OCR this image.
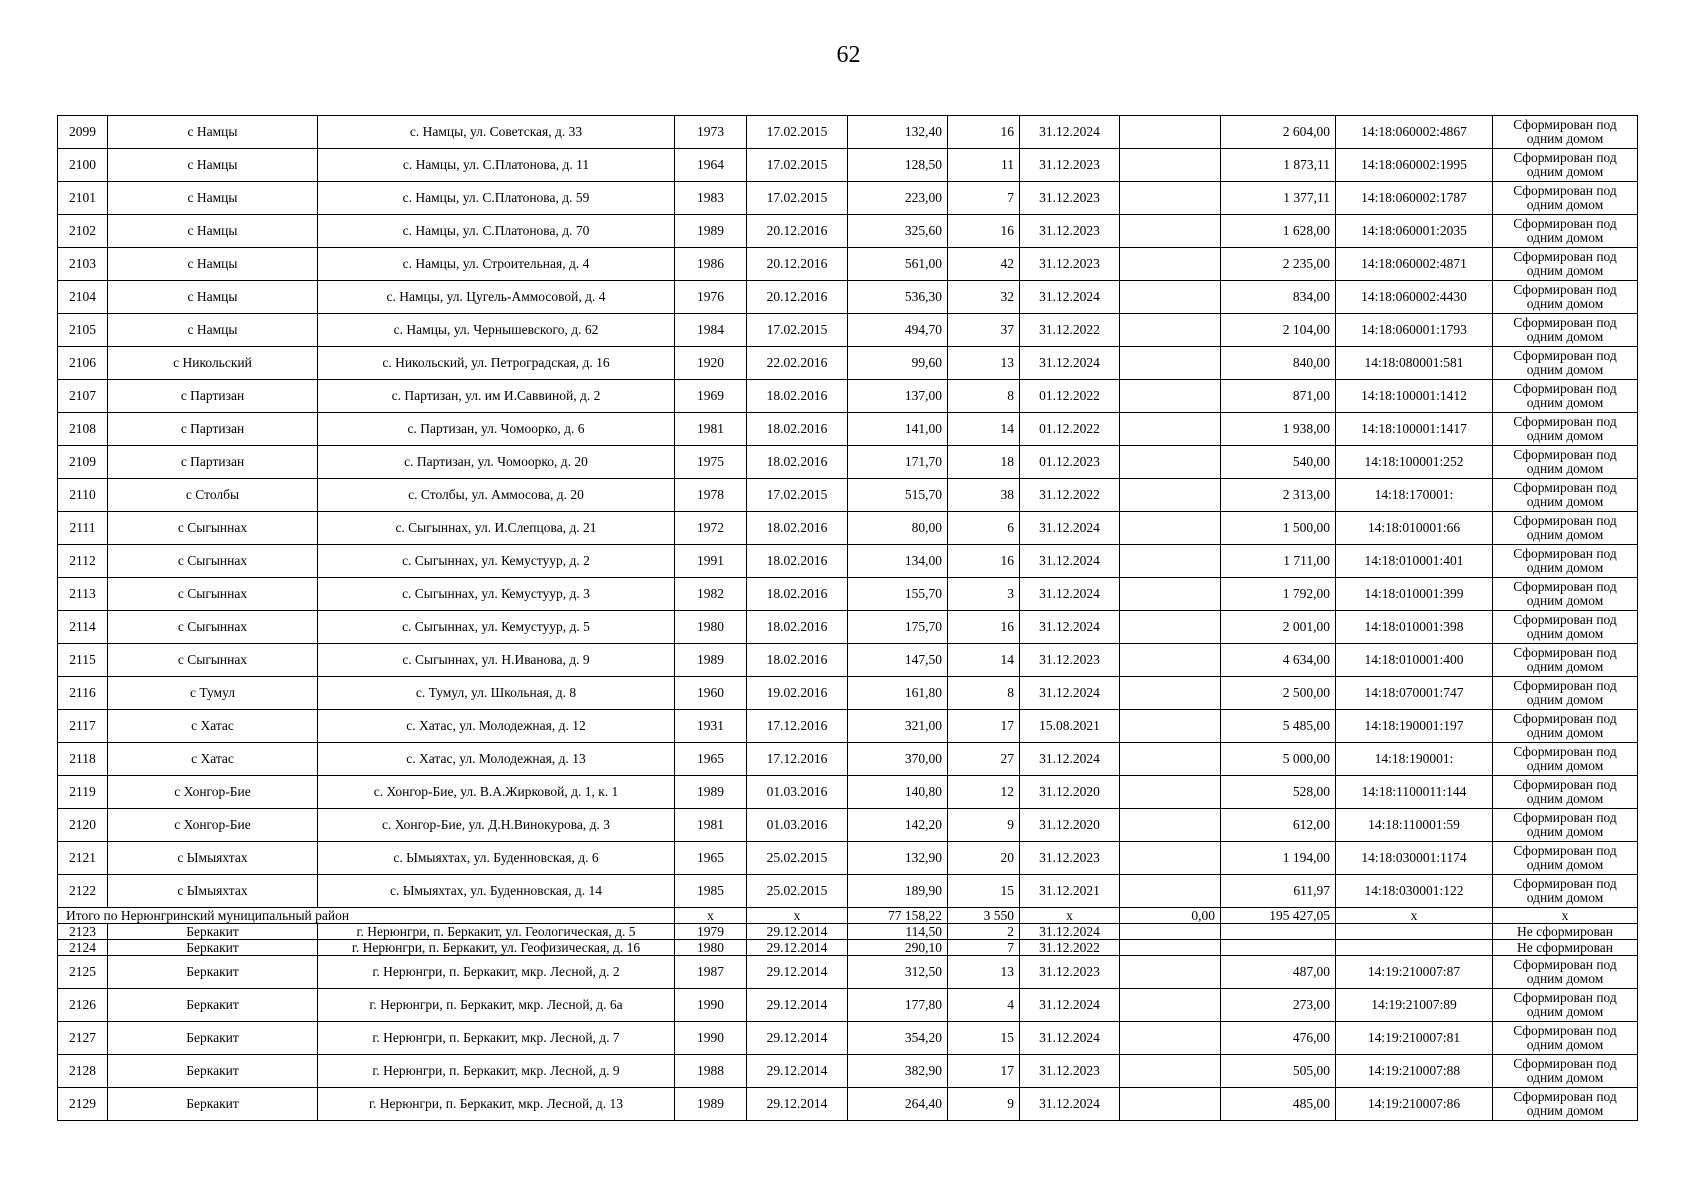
62
2099	с Намцы	с. Намцы, ул. Советская, д. 33	1973	17.02.2015	132,40	16	31.12.2024		2 604,00	14:18:060002:4867	Сформирован под одним домом
2100	с Намцы	с. Намцы, ул. С.Платонова, д. 11	1964	17.02.2015	128,50	11	31.12.2023		1 873,11	14:18:060002:1995	Сформирован под одним домом
2101	с Намцы	с. Намцы, ул. С.Платонова, д. 59	1983	17.02.2015	223,00	7	31.12.2023		1 377,11	14:18:060002:1787	Сформирован под одним домом
2102	с Намцы	с. Намцы, ул. С.Платонова, д. 70	1989	20.12.2016	325,60	16	31.12.2023		1 628,00	14:18:060001:2035	Сформирован под одним домом
2103	с Намцы	с. Намцы, ул. Строительная, д. 4	1986	20.12.2016	561,00	42	31.12.2023		2 235,00	14:18:060002:4871	Сформирован под одним домом
2104	с Намцы	с. Намцы, ул. Цугель-Аммосовой, д. 4	1976	20.12.2016	536,30	32	31.12.2024		834,00	14:18:060002:4430	Сформирован под одним домом
2105	с Намцы	с. Намцы, ул. Чернышевского, д. 62	1984	17.02.2015	494,70	37	31.12.2022		2 104,00	14:18:060001:1793	Сформирован под одним домом
2106	с Никольский	с. Никольский, ул. Петроградская, д. 16	1920	22.02.2016	99,60	13	31.12.2024		840,00	14:18:080001:581	Сформирован под одним домом
2107	с Партизан	с. Партизан, ул. им И.Саввиной, д. 2	1969	18.02.2016	137,00	8	01.12.2022		871,00	14:18:100001:1412	Сформирован под одним домом
2108	с Партизан	с. Партизан, ул. Чомоорко, д. 6	1981	18.02.2016	141,00	14	01.12.2022		1 938,00	14:18:100001:1417	Сформирован под одним домом
2109	с Партизан	с. Партизан, ул. Чомоорко, д. 20	1975	18.02.2016	171,70	18	01.12.2023		540,00	14:18:100001:252	Сформирован под одним домом
2110	с Столбы	с. Столбы, ул. Аммосова, д. 20	1978	17.02.2015	515,70	38	31.12.2022		2 313,00	14:18:170001:	Сформирован под одним домом
2111	с Сыгыннах	с. Сыгыннах, ул. И.Слепцова, д. 21	1972	18.02.2016	80,00	6	31.12.2024		1 500,00	14:18:010001:66	Сформирован под одним домом
2112	с Сыгыннах	с. Сыгыннах, ул. Кемустуур, д. 2	1991	18.02.2016	134,00	16	31.12.2024		1 711,00	14:18:010001:401	Сформирован под одним домом
2113	с Сыгыннах	с. Сыгыннах, ул. Кемустуур, д. 3	1982	18.02.2016	155,70	3	31.12.2024		1 792,00	14:18:010001:399	Сформирован под одним домом
2114	с Сыгыннах	с. Сыгыннах, ул. Кемустуур, д. 5	1980	18.02.2016	175,70	16	31.12.2024		2 001,00	14:18:010001:398	Сформирован под одним домом
2115	с Сыгыннах	с. Сыгыннах, ул. Н.Иванова, д. 9	1989	18.02.2016	147,50	14	31.12.2023		4 634,00	14:18:010001:400	Сформирован под одним домом
2116	с Тумул	с. Тумул, ул. Школьная, д. 8	1960	19.02.2016	161,80	8	31.12.2024		2 500,00	14:18:070001:747	Сформирован под одним домом
2117	с Хатас	с. Хатас, ул. Молодежная, д. 12	1931	17.12.2016	321,00	17	15.08.2021		5 485,00	14:18:190001:197	Сформирован под одним домом
2118	с Хатас	с. Хатас, ул. Молодежная, д. 13	1965	17.12.2016	370,00	27	31.12.2024		5 000,00	14:18:190001:	Сформирован под одним домом
2119	с Хонгор-Бие	с. Хонгор-Бие, ул. В.А.Жирковой, д. 1, к. 1	1989	01.03.2016	140,80	12	31.12.2020		528,00	14:18:1100011:144	Сформирован под одним домом
2120	с Хонгор-Бие	с. Хонгор-Бие, ул. Д.Н.Винокурова, д. 3	1981	01.03.2016	142,20	9	31.12.2020		612,00	14:18:110001:59	Сформирован под одним домом
2121	с Ымыяхтах	с. Ымыяхтах, ул. Буденновская, д. 6	1965	25.02.2015	132,90	20	31.12.2023		1 194,00	14:18:030001:1174	Сформирован под одним домом
2122	с Ымыяхтах	с. Ымыяхтах, ул. Буденновская, д. 14	1985	25.02.2015	189,90	15	31.12.2021		611,97	14:18:030001:122	Сформирован под одним домом
Итого по Нерюнгринский муниципальный район			x	x	77 158,22	3 550	x	0,00	195 427,05	x	x
2123	Беркакит	г. Нерюнгри, п. Беркакит, ул. Геологическая, д. 5	1979	29.12.2014	114,50	2	31.12.2024				Не сформирован
2124	Беркакит	г. Нерюнгри, п. Беркакит, ул. Геофизическая, д. 16	1980	29.12.2014	290,10	7	31.12.2022				Не сформирован
2125	Беркакит	г. Нерюнгри, п. Беркакит, мкр. Лесной, д. 2	1987	29.12.2014	312,50	13	31.12.2023		487,00	14:19:210007:87	Сформирован под одним домом
2126	Беркакит	г. Нерюнгри, п. Беркакит, мкр. Лесной, д. 6а	1990	29.12.2014	177,80	4	31.12.2024		273,00	14:19:21007:89	Сформирован под одним домом
2127	Беркакит	г. Нерюнгри, п. Беркакит, мкр. Лесной, д. 7	1990	29.12.2014	354,20	15	31.12.2024		476,00	14:19:210007:81	Сформирован под одним домом
2128	Беркакит	г. Нерюнгри, п. Беркакит, мкр. Лесной, д. 9	1988	29.12.2014	382,90	17	31.12.2023		505,00	14:19:210007:88	Сформирован под одним домом
2129	Беркакит	г. Нерюнгри, п. Беркакит, мкр. Лесной, д. 13	1989	29.12.2014	264,40	9	31.12.2024		485,00	14:19:210007:86	Сформирован под одним домом
